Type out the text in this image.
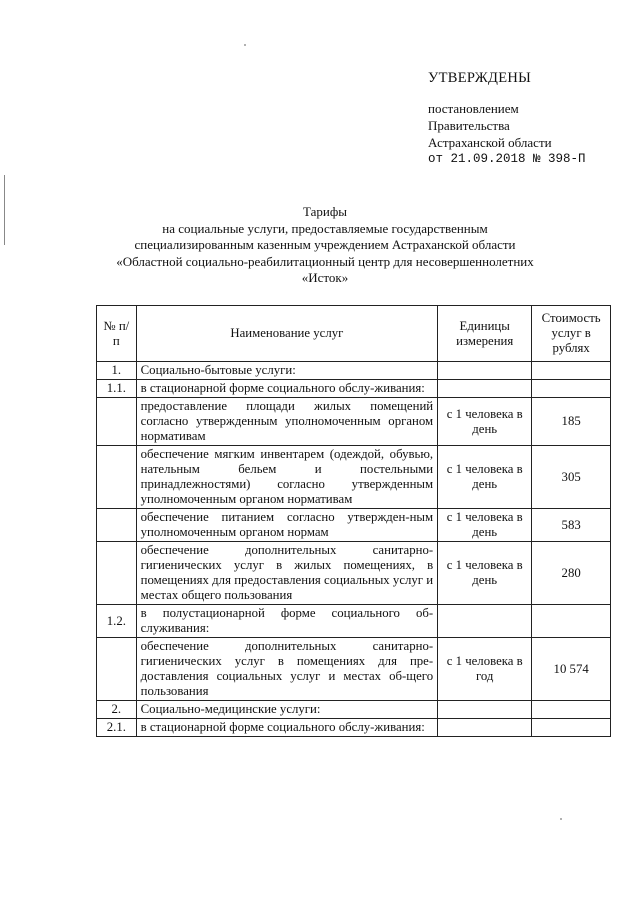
УТВЕРЖДЕНЫ
постановлением
Правительства
Астраханской области
от 21.09.2018 № 398-П
Тарифы
на социальные услуги, предоставляемые государственным
специализированным казенным учреждением Астраханской области
«Областной социально-реабилитационный центр для несовершеннолетних
«Исток»
№ п/п	Наименование услуг	Единицы измерения	Стоимость услуг в рублях
1.	Социально-бытовые услуги:		
1.1.	в стационарной форме социального обслу-живания:		
	предоставление площади жилых помещений согласно утвержденным уполномоченным органом нормативам	с 1 человека в день	185
	обеспечение мягким инвентарем (одеждой, обувью, нательным бельем и постельными принадлежностями) согласно утвержденным уполномоченным органом нормативам	с 1 человека в день	305
	обеспечение питанием согласно утвержден-ным уполномоченным органом нормам	с 1 человека в день	583
	обеспечение дополнительных санитарно-гигиенических услуг в жилых помещениях, в помещениях для предоставления социальных услуг и местах общего пользования	с 1 человека в день	280
1.2.	в полустационарной форме социального об-служивания:		
	обеспечение дополнительных санитарно-гигиенических услуг в помещениях для пре-доставления социальных услуг и местах об-щего пользования	с 1 человека в год	10 574
2.	Социально-медицинские услуги:		
2.1.	в стационарной форме социального обслу-живания:		
